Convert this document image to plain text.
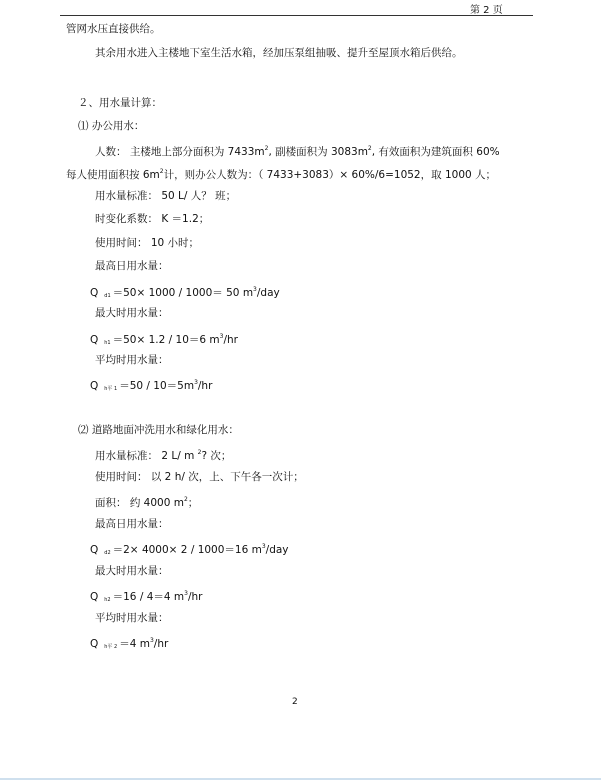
第 2 页
管网水压直接供给。
其余用水进入主楼地下室生活水箱，经加压泵组抽吸、提升至屋顶水箱后供给。
２、用水量计算：
⑴ 办公用水：
人数： 主楼地上部分面积为 $7433m^2$, 副楼面积为 $3083m^2$, 有效面积为建筑面积 60%
每人使用面积按 $6m^2$计，则办公人数为：（ 7433+3083）× 60%/6=1052，取 1000 人；
用水量标准： 50 L/ 人？ 班；
时变化系数： K ＝1.2；
使用时间： 10 小时；
最高日用水量：
Q $_{d1}$ ＝50× 1000 / 1000＝ 50 $m^3$/day
最大时用水量：
Q $_{h1}$ ＝50× 1.2 / 10＝6 $m^3/hr$
平均时用水量：
Q $_{h平 1} =50 / 10=5m^3/hr$
⑵ 道路地面冲洗用水和绿化用水：
用水量标准： 2 L/ m $^2$? 次；
使用时间： 以 2 h/ 次，上、下午各一次计；
面积： 约 4000 $m^2$；
最高日用水量：
Q $_{d2}$ ＝2× 4000× 2 / 1000＝16 $m^3$/day
最大时用水量：
Q $_{h2}$ ＝16 / 4＝4 $m^3/hr$
平均时用水量：
Q $_{h平 2}$ ＝4 $m^3/hr$
2
